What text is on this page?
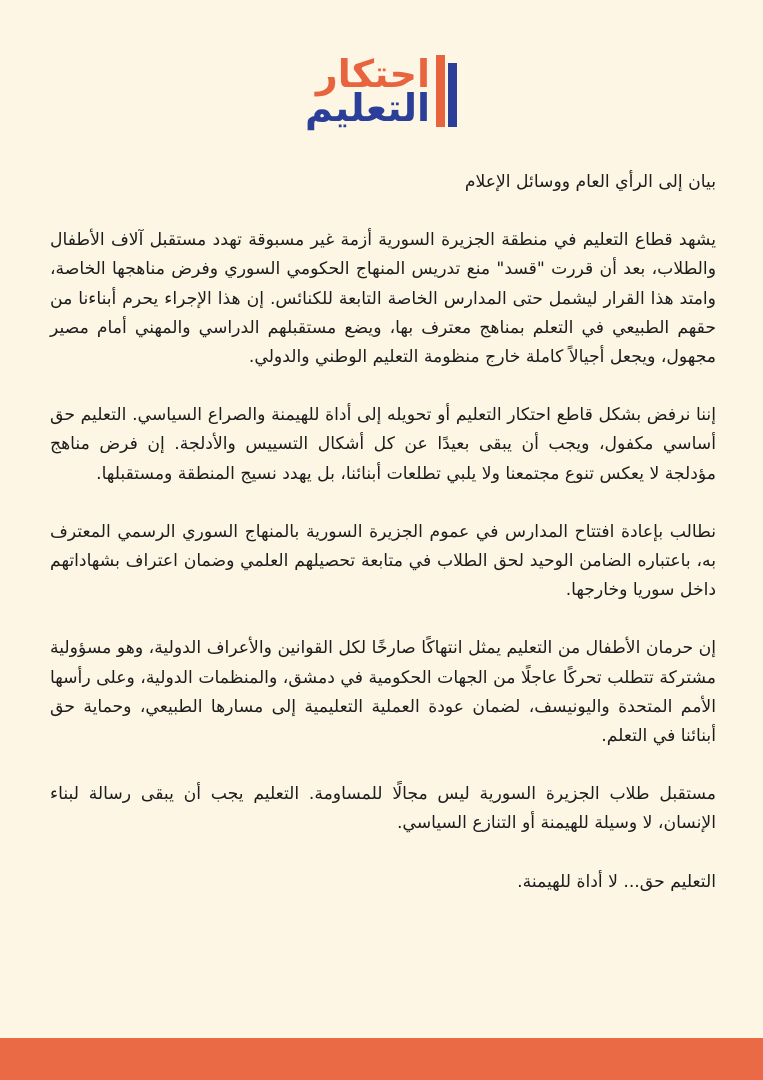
احتكار
التعليم

بيان إلى الرأي العام ووسائل الإعلام

يشهد قطاع التعليم في منطقة الجزيرة السورية أزمة غير مسبوقة تهدد مستقبل آلاف الأطفال والطلاب، بعد أن قررت "قسد" منع تدريس المنهاج الحكومي السوري وفرض مناهجها الخاصة، وامتد هذا القرار ليشمل حتى المدارس الخاصة التابعة للكنائس. إن هذا الإجراء يحرم أبناءنا من حقهم الطبيعي في التعلم بمناهج معترف بها، ويضع مستقبلهم الدراسي والمهني أمام مصير مجهول، ويجعل أجيالاً كاملة خارج منظومة التعليم الوطني والدولي.

إننا نرفض بشكل قاطع احتكار التعليم أو تحويله إلى أداة للهيمنة والصراع السياسي. التعليم حق أساسي مكفول، ويجب أن يبقى بعيدًا عن كل أشكال التسييس والأدلجة. إن فرض مناهج مؤدلجة لا يعكس تنوع مجتمعنا ولا يلبي تطلعات أبنائنا، بل يهدد نسيج المنطقة ومستقبلها.

نطالب بإعادة افتتاح المدارس في عموم الجزيرة السورية بالمنهاج السوري الرسمي المعترف به، باعتباره الضامن الوحيد لحق الطلاب في متابعة تحصيلهم العلمي وضمان اعتراف بشهاداتهم داخل سوريا وخارجها.

إن حرمان الأطفال من التعليم يمثل انتهاكًا صارخًا لكل القوانين والأعراف الدولية، وهو مسؤولية مشتركة تتطلب تحركًا عاجلًا من الجهات الحكومية في دمشق، والمنظمات الدولية، وعلى رأسها الأمم المتحدة واليونيسف، لضمان عودة العملية التعليمية إلى مسارها الطبيعي، وحماية حق أبنائنا في التعلم.

مستقبل طلاب الجزيرة السورية ليس مجالًا للمساومة. التعليم يجب أن يبقى رسالة لبناء الإنسان، لا وسيلة للهيمنة أو التنازع السياسي.

التعليم حق... لا أداة للهيمنة.
